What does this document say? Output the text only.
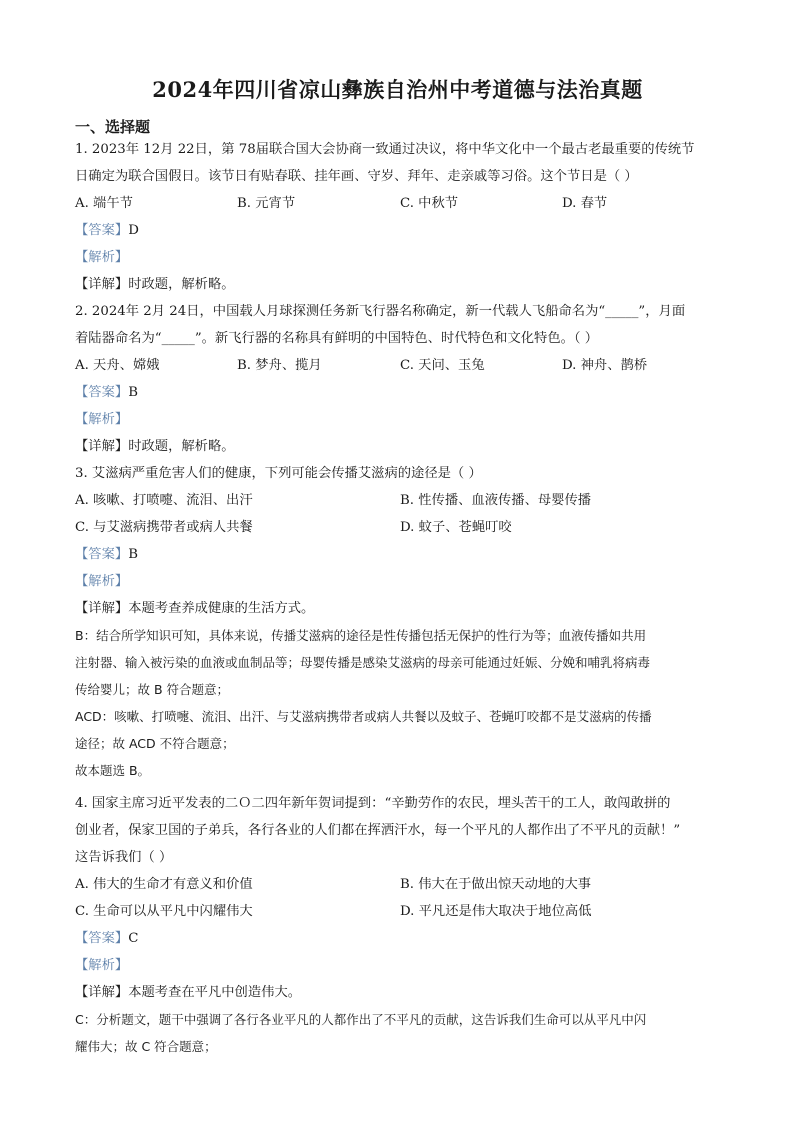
2024年四川省凉山彝族自治州中考道德与法治真题
一、选择题
1. 2023年 12月 22日，第 78届联合国大会协商一致通过决议，将中华文化中一个最古老最重要的传统节
日确定为联合国假日。该节日有贴春联、挂年画、守岁、拜年、走亲戚等习俗。这个节日是（ ）
A. 端午节	B. 元宵节	C. 中秋节	D. 春节
【答案】D
【解析】
【详解】时政题，解析略。
2. 2024年 2月 24日，中国载人月球探测任务新飞行器名称确定，新一代载人飞船命名为“_____”，月面
着陆器命名为“_____”。新飞行器的名称具有鲜明的中国特色、时代特色和文化特色。（ ）
A. 天舟、嫦娥	B. 梦舟、揽月	C. 天问、玉兔	D. 神舟、鹊桥
【答案】B
【解析】
【详解】时政题，解析略。
3. 艾滋病严重危害人们的健康，下列可能会传播艾滋病的途径是（ ）
A. 咳嗽、打喷嚏、流泪、出汗	B. 性传播、血液传播、母婴传播
C. 与艾滋病携带者或病人共餐	D. 蚊子、苍蝇叮咬
【答案】B
【解析】
【详解】本题考查养成健康的生活方式。
B：结合所学知识可知，具体来说，传播艾滋病的途径是性传播包括无保护的性行为等；血液传播如共用
注射器、输入被污染的血液或血制品等；母婴传播是感染艾滋病的母亲可能通过妊娠、分娩和哺乳将病毒
传给婴儿；故 B 符合题意；
ACD：咳嗽、打喷嚏、流泪、出汗、与艾滋病携带者或病人共餐以及蚊子、苍蝇叮咬都不是艾滋病的传播
途径；故 ACD 不符合题意；
故本题选 B。
4. 国家主席习近平发表的二Ｏ二四年新年贺词提到：“辛勤劳作的农民，埋头苦干的工人，敢闯敢拼的
创业者，保家卫国的子弟兵，各行各业的人们都在挥洒汗水，每一个平凡的人都作出了不平凡的贡献！”
这告诉我们（ ）
A. 伟大的生命才有意义和价值	B. 伟大在于做出惊天动地的大事
C. 生命可以从平凡中闪耀伟大	D. 平凡还是伟大取决于地位高低
【答案】C
【解析】
【详解】本题考查在平凡中创造伟大。
C：分析题文，题干中强调了各行各业平凡的人都作出了不平凡的贡献，这告诉我们生命可以从平凡中闪
耀伟大；故 C 符合题意；
